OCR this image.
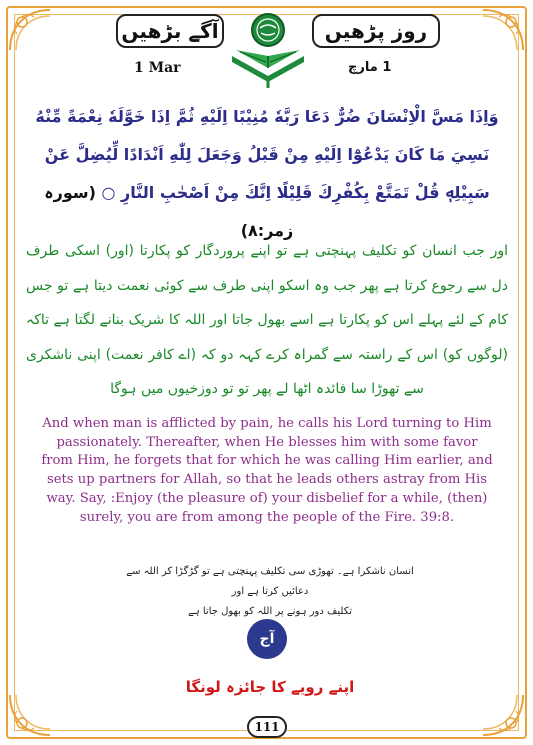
آگے بڑھیں	روز پڑھیں
1 Mar	1 مارچ
وَاِذَا مَسَّ الْاِنْسَانَ ضُرٌّ دَعَا رَبَّهٗ مُنِيْبًا اِلَيْهِ ثُمَّ اِذَا خَوَّلَهٗ نِعْمَةً مِّنْهُ نَسِيَ مَا كَانَ يَدْعُوْٓا اِلَيْهِ مِنْ قَبْلُ وَجَعَلَ لِلّٰهِ اَنْدَادًا لِّيُضِلَّ عَنْ سَبِيْلِهٖ قُلْ تَمَتَّعْ بِكُفْرِكَ قَلِيْلًا اِنَّكَ مِنْ اَصْحٰبِ النَّارِ ○ (سورہ زمر:۸)
اور جب انسان کو تکلیف پہنچتی ہے تو اپنے پروردگار کو پکارتا (اور) اسکی طرف دل سے رجوع کرتا ہے پھر جب وہ اسکو اپنی طرف سے کوئی نعمت دیتا ہے تو جس کام کے لئے پہلے اس کو پکارتا ہے اسے بھول جاتا اور اللہ کا شریک بنانے لگتا ہے تاکہ (لوگوں کو) اس کے راستہ سے گمراہ کرے کہہ دو کہ (اے کافر نعمت) اپنی ناشکری سے تھوڑا سا فائدہ اٹھا لے پھر تو تو دوزخیوں میں ہوگا
And when man is afflicted by pain, he calls his Lord turning to Him passionately. Thereafter, when He blesses him with some favor from Him, he forgets that for which he was calling Him earlier, and sets up partners for Allah, so that he leads others astray from His way. Say, :Enjoy (the pleasure of) your disbelief for a while, (then) surely, you are from among the people of the Fire. 39:8.
انسان ناشکرا ہے۔ تھوڑی سی تکلیف پہنچتی ہے تو گڑگڑا کر اللہ سے دعائیں کرتا ہے اور
تکلیف دور ہونے پر اللہ کو بھول جاتا ہے
آج
اپنے رویے کا جائزہ لونگا
111
